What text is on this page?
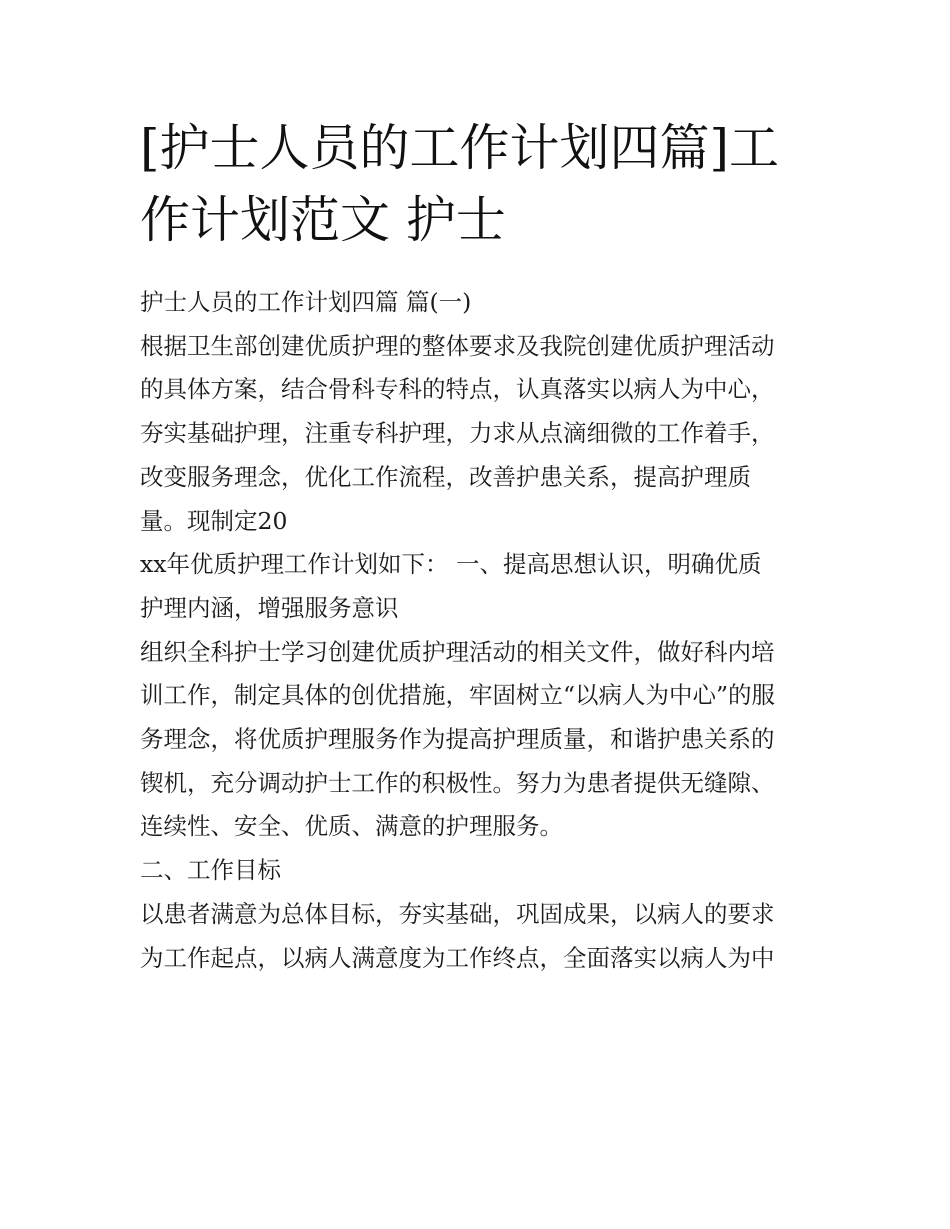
[护士人员的工作计划四篇]工
作计划范文 护士

护士人员的工作计划四篇 篇(一)

根据卫生部创建优质护理的整体要求及我院创建优质护理活动

的具体方案，结合骨科专科的特点，认真落实以病人为中心，

夯实基础护理，注重专科护理，力求从点滴细微的工作着手，

改变服务理念，优化工作流程，改善护患关系，提高护理质

量。现制定20

xx年优质护理工作计划如下： 一、提高思想认识，明确优质

护理内涵，增强服务意识

组织全科护士学习创建优质护理活动的相关文件，做好科内培

训工作，制定具体的创优措施，牢固树立“以病人为中心”的服

务理念，将优质护理服务作为提高护理质量，和谐护患关系的

锲机，充分调动护士工作的积极性。努力为患者提供无缝隙、

连续性、安全、优质、满意的护理服务。

二、工作目标

以患者满意为总体目标，夯实基础，巩固成果，以病人的要求

为工作起点，以病人满意度为工作终点，全面落实以病人为中
